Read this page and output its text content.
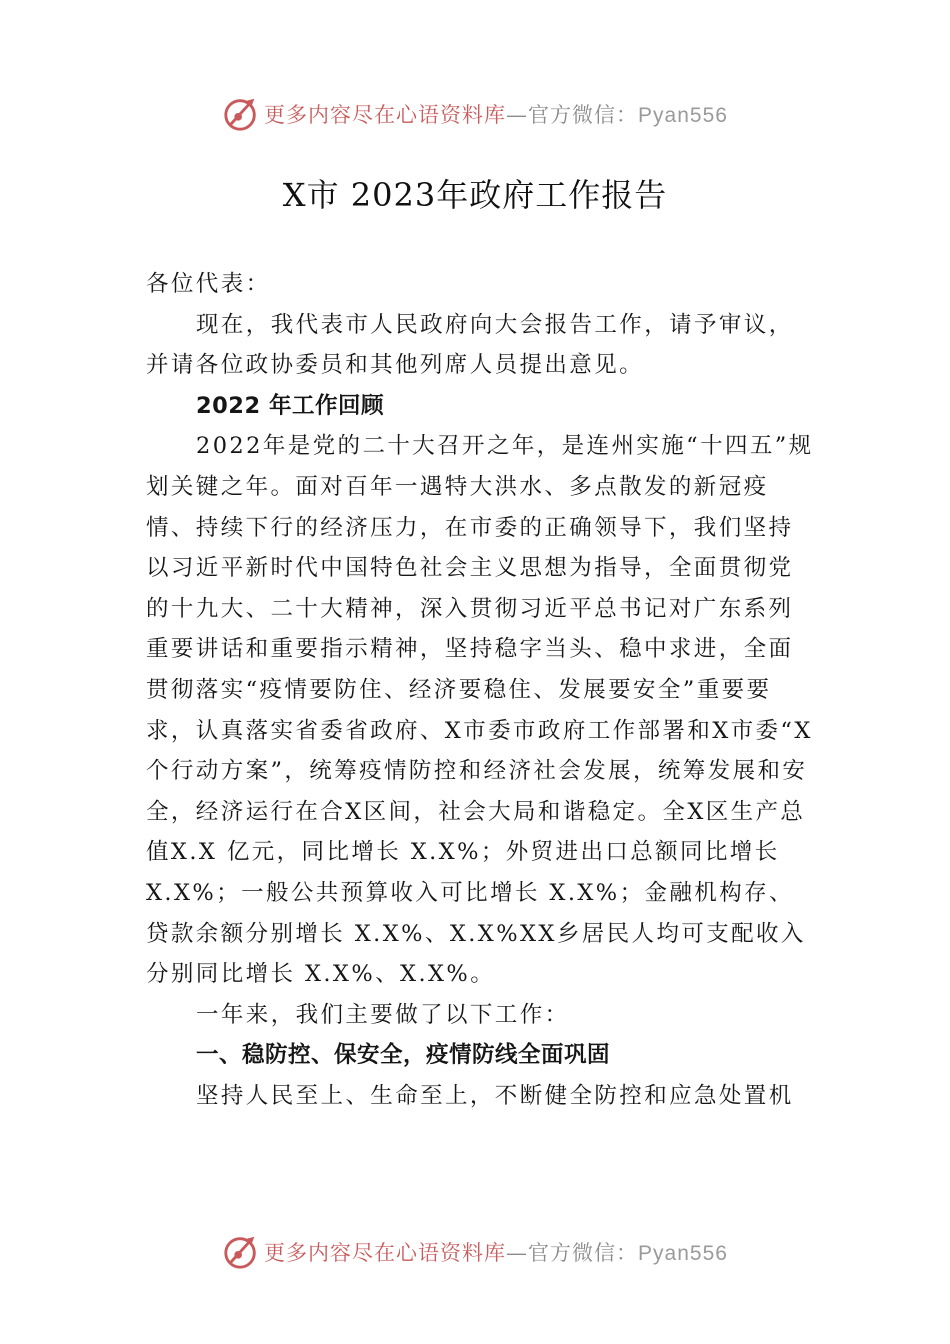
更多内容尽在心语资料库—官方微信：Pyan556
X市 2023年政府工作报告

各位代表：

现在，我代表市人民政府向大会报告工作，请予审议，并请各位政协委员和其他列席人员提出意见。

2022 年工作回顾

2022年是党的二十大召开之年，是连州实施“十四五”规划关键之年。面对百年一遇特大洪水、多点散发的新冠疫情、持续下行的经济压力，在市委的正确领导下，我们坚持以习近平新时代中国特色社会主义思想为指导，全面贯彻党的十九大、二十大精神，深入贯彻习近平总书记对广东系列重要讲话和重要指示精神，坚持稳字当头、稳中求进，全面贯彻落实“疫情要防住、经济要稳住、发展要安全”重要要求，认真落实省委省政府、X市委市政府工作部署和X市委“X个行动方案”，统筹疫情防控和经济社会发展，统筹发展和安全，经济运行在合X区间，社会大局和谐稳定。全X区生产总值X.X 亿元，同比增长 X.X%；外贸进出口总额同比增长X.X%；一般公共预算收入可比增长 X.X%；金融机构存、贷款余额分别增长 X.X%、X.X%XX乡居民人均可支配收入分别同比增长 X.X%、X.X%。

一年来，我们主要做了以下工作：

一、稳防控、保安全，疫情防线全面巩固

坚持人民至上、生命至上，不断健全防控和应急处置机

更多内容尽在心语资料库—官方微信：Pyan556
